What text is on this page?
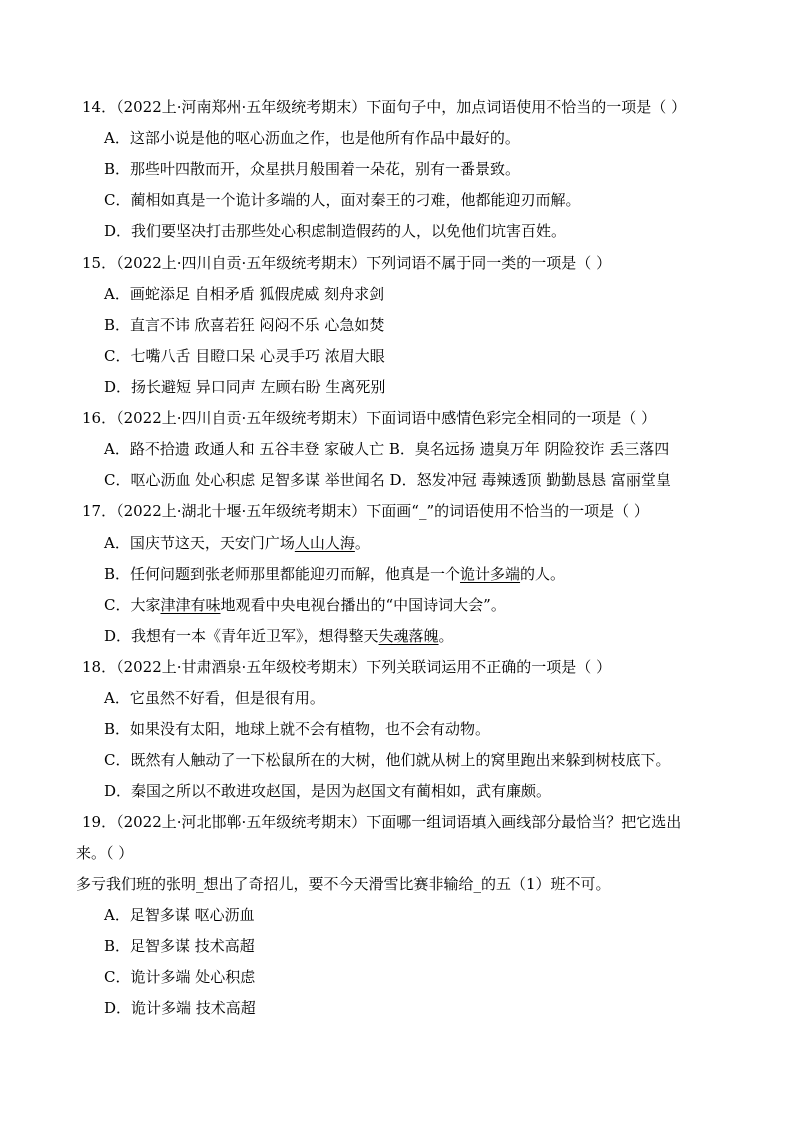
14．（2022上·河南郑州·五年级统考期末）下面句子中，加点词语使用不恰当的一项是（ ）
A．这部小说是他的呕心沥血之作，也是他所有作品中最好的。
B．那些叶四散而开，众星拱月般围着一朵花，别有一番景致。
C．蔺相如真是一个诡计多端的人，面对秦王的刁难，他都能迎刃而解。
D．我们要坚决打击那些处心积虑制造假药的人，以免他们坑害百姓。
15．（2022上·四川自贡·五年级统考期末）下列词语不属于同一类的一项是（ ）
A．画蛇添足 自相矛盾 狐假虎威 刻舟求剑
B．直言不讳 欣喜若狂 闷闷不乐 心急如焚
C．七嘴八舌 目瞪口呆 心灵手巧 浓眉大眼
D．扬长避短 异口同声 左顾右盼 生离死别
16．（2022上·四川自贡·五年级统考期末）下面词语中感情色彩完全相同的一项是（ ）
A．路不拾遗 政通人和 五谷丰登 家破人亡 B．臭名远扬 遗臭万年 阴险狡诈 丢三落四
C．呕心沥血 处心积虑 足智多谋 举世闻名 D．怒发冲冠 毒辣透顶 勤勤恳恳 富丽堂皇
17．（2022上·湖北十堰·五年级统考期末）下面画“_”的词语使用不恰当的一项是（ ）
A．国庆节这天，天安门广场人山人海。
B．任何问题到张老师那里都能迎刃而解，他真是一个诡计多端的人。
C．大家津津有味地观看中央电视台播出的“中国诗词大会”。
D．我想有一本《青年近卫军》，想得整天失魂落魄。
18．（2022上·甘肃酒泉·五年级校考期末）下列关联词运用不正确的一项是（ ）
A．它虽然不好看，但是很有用。
B．如果没有太阳，地球上就不会有植物，也不会有动物。
C．既然有人触动了一下松鼠所在的大树，他们就从树上的窝里跑出来躲到树枝底下。
D．秦国之所以不敢进攻赵国，是因为赵国文有蔺相如，武有廉颇。
19．（2022上·河北邯郸·五年级统考期末）下面哪一组词语填入画线部分最恰当？把它选出
来。（ ）
多亏我们班的张明_想出了奇招儿，要不今天滑雪比赛非输给_的五（1）班不可。
A．足智多谋 呕心沥血
B．足智多谋 技术高超
C．诡计多端 处心积虑
D．诡计多端 技术高超
